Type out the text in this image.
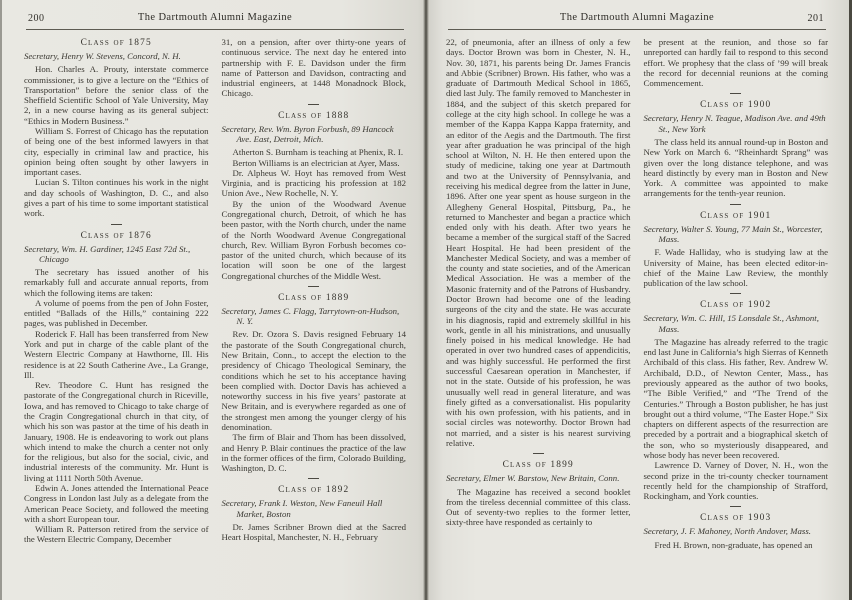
200	The Dartmouth Alumni Magazine
Class of 1875

Secretary, Henry W. Stevens, Concord, N. H.

Hon. Charles A. Prouty, interstate commerce commissioner, is to give a lecture on the “Ethics of Transportation” before the senior class of the Sheffield Scientific School of Yale University, May 2, in a new course having as its general subject: “Ethics in Modern Business.”

William S. Forrest of Chicago has the reputation of being one of the best informed lawyers in that city, especially in criminal law and practice, his opinion being often sought by other lawyers in important cases.

Lucian S. Tilton continues his work in the night and day schools of Washington, D. C., and also gives a part of his time to some important statistical work.

Class of 1876

Secretary, Wm. H. Gardiner, 1245 East 72d St., Chicago

The secretary has issued another of his remarkably full and accurate annual reports, from which the following items are taken:

A volume of poems from the pen of John Foster, entitled “Ballads of the Hills,” containing 222 pages, was published in December.

Roderick F. Hall has been transferred from New York and put in charge of the cable plant of the Western Electric Company at Hawthorne, Ill. His residence is at 22 South Catherine Ave., La Grange, Ill.

Rev. Theodore C. Hunt has resigned the pastorate of the Congregational church in Riceville, Iowa, and has removed to Chicago to take charge of the Cragin Congregational church in that city, of which his son was pastor at the time of his death in January, 1908. He is endeavoring to work out plans which intend to make the church a center not only for the religious, but also for the social, civic, and industrial interests of the community. Mr. Hunt is living at 1111 North 50th Avenue.

Edwin A. Jones attended the International Peace Congress in London last July as a delegate from the American Peace Society, and followed the meeting with a short European tour.

William R. Patterson retired from the service of the Western Electric Company, December

31, on a pension, after over thirty-one years of continuous service. The next day he entered into partnership with F. E. Davidson under the firm name of Patterson and Davidson, contracting and industrial engineers, at 1448 Monadnock Block, Chicago.

Class of 1888

Secretary, Rev. Wm. Byron Forbush, 89 Hancock Ave. East, Detroit, Mich.

Atherton S. Burnham is teaching at Phenix, R. I.

Berton Williams is an electrician at Ayer, Mass.

Dr. Alpheus W. Hoyt has removed from West Virginia, and is practicing his profession at 182 Union Ave., New Rochelle, N. Y.

By the union of the Woodward Avenue Congregational church, Detroit, of which he has been pastor, with the North church, under the name of the North Woodward Avenue Congregational church, Rev. William Byron Forbush becomes co-pastor of the united church, which because of its location will soon be one of the largest Congregational churches of the Middle West.

Class of 1889

Secretary, James C. Flagg, Tarrytown-on-Hudson, N. Y.

Rev. Dr. Ozora S. Davis resigned February 14 the pastorate of the South Congregational church, New Britain, Conn., to accept the election to the presidency of Chicago Theological Seminary, the conditions which he set to his acceptance having been complied with. Doctor Davis has achieved a noteworthy success in his five years’ pastorate at New Britain, and is everywhere regarded as one of the strongest men among the younger clergy of his denomination.

The firm of Blair and Thom has been dissolved, and Henry P. Blair continues the practice of the law in the former offices of the firm, Colorado Building, Washington, D. C.

Class of 1892

Secretary, Frank I. Weston, New Faneuil Hall Market, Boston

Dr. James Scribner Brown died at the Sacred Heart Hospital, Manchester, N. H., February

The Dartmouth Alumni Magazine	201

22, of pneumonia, after an illness of only a few days. Doctor Brown was born in Chester, N. H., Nov. 30, 1871, his parents being Dr. James Francis and Abbie (Scribner) Brown. His father, who was a graduate of Dartmouth Medical School in 1865, died last July. The family removed to Manchester in 1884, and the subject of this sketch prepared for college at the city high school. In college he was a member of the Kappa Kappa Kappa fraternity, and an editor of the Aegis and the Dartmouth. The first year after graduation he was principal of the high school at Wilton, N. H. He then entered upon the study of medicine, taking one year at Dartmouth and two at the University of Pennsylvania, and receiving his medical degree from the latter in June, 1896. After one year spent as house surgeon in the Allegheny General Hospital, Pittsburg, Pa., he returned to Manchester and began a practice which ended only with his death. After two years he became a member of the surgical staff of the Sacred Heart Hospital. He had been president of the Manchester Medical Society, and was a member of the county and state societies, and of the American Medical Association. He was a member of the Masonic fraternity and of the Patrons of Husbandry. Doctor Brown had become one of the leading surgeons of the city and the state. He was accurate in his diagnosis, rapid and extremely skillful in his work, gentle in all his ministrations, and unusually finely poised in his medical knowledge. He had operated in over two hundred cases of appendicitis, and was highly successful. He performed the first successful Caesarean operation in Manchester, if not in the state. Outside of his profession, he was unusually well read in general literature, and was finely gifted as a conversationalist. His popularity with his own profession, with his patients, and in social circles was noteworthy. Doctor Brown had not married, and a sister is his nearest surviving relative.

Class of 1899

Secretary, Elmer W. Barstow, New Britain, Conn.

The Magazine has received a second booklet from the tireless decennial committee of this class. Out of seventy-two replies to the former letter, sixty-three have responded as certainly to

be present at the reunion, and those so far unreported can hardly fail to respond to this second effort. We prophesy that the class of ’99 will break the record for decennial reunions at the coming Commencement.

Class of 1900

Secretary, Henry N. Teague, Madison Ave. and 49th St., New York

The class held its annual round-up in Boston and New York on March 6. “Rheinhardt Sprang” was given over the long distance telephone, and was heard distinctly by every man in Boston and New York. A committee was appointed to make arrangements for the tenth-year reunion.

Class of 1901

Secretary, Walter S. Young, 77 Main St., Worcester, Mass.

F. Wade Halliday, who is studying law at the University of Maine, has been elected editor-in-chief of the Maine Law Review, the monthly publication of the law school.

Class of 1902

Secretary, Wm. C. Hill, 15 Lonsdale St., Ashmont, Mass.

The Magazine has already referred to the tragic end last June in California’s high Sierras of Kenneth Archibald of this class. His father, Rev. Andrew W. Archibald, D.D., of Newton Center, Mass., has previously appeared as the author of two books, “The Bible Verified,” and “The Trend of the Centuries.” Through a Boston publisher, he has just brought out a third volume, “The Easter Hope.” Six chapters on different aspects of the resurrection are preceded by a portrait and a biographical sketch of the son, who so mysteriously disappeared, and whose body has never been recovered.

Lawrence D. Varney of Dover, N. H., won the second prize in the tri-county checker tournament recently held for the championship of Strafford, Rockingham, and York counties.

Class of 1903

Secretary, J. F. Mahoney, North Andover, Mass.

Fred H. Brown, non-graduate, has opened an
